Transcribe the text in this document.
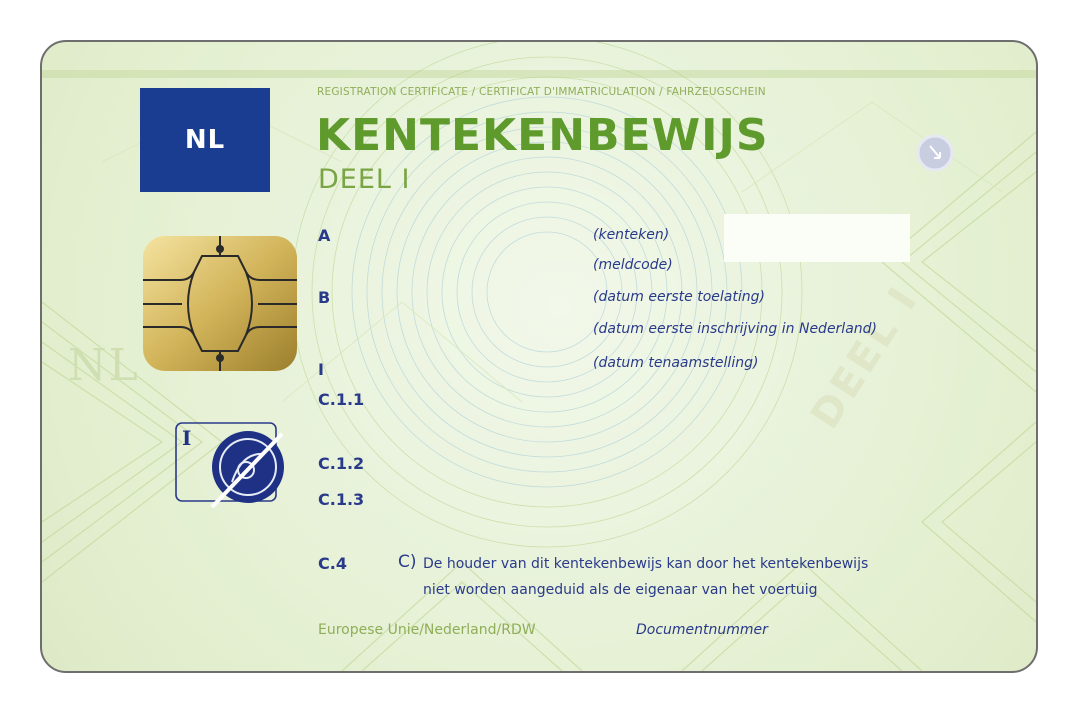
NL	DEEL I
NL
REGISTRATION CERTIFICATE / CERTIFICAT D'IMMATRICULATION / FAHRZEUGSCHEIN
KENTEKENBEWIJS
DEEL I
A
B
I
(kenteken)
(meldcode)
(datum eerste toelating)
(datum eerste inschrijving in Nederland)
(datum tenaamstelling)
C.1.1
C.1.2
C.1.3
C.4
I
C) De houder van dit kentekenbewijs kan door het kentekenbewijs
niet worden aangeduid als de eigenaar van het voertuig
Europese Unie/Nederland/RDW	Documentnummer
